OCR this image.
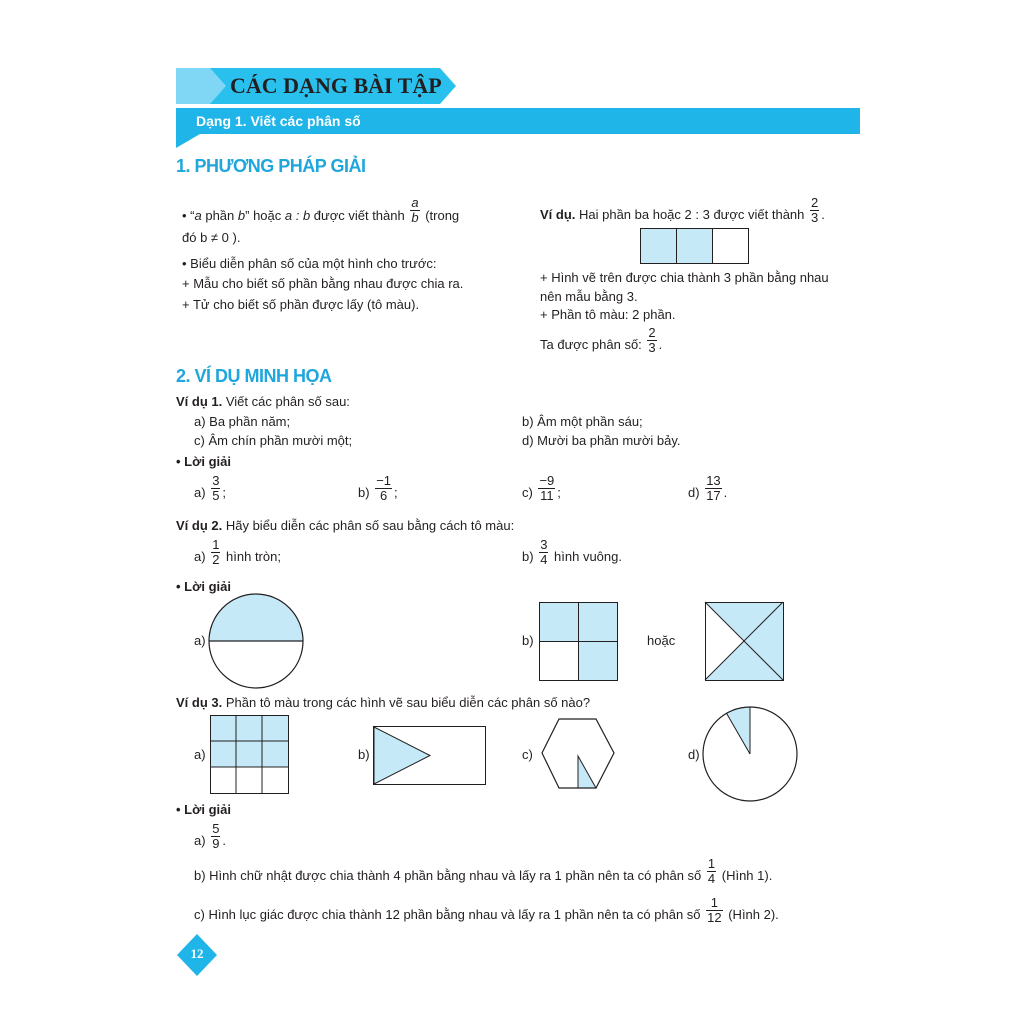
CÁC DẠNG BÀI TẬP
Dạng 1. Viết các phân số
1. PHƯƠNG PHÁP GIẢI
• “a phần b” hoặc a : b được viết thành $\frac{a}{b}$ (trong
đó b ≠ 0 ).
• Biểu diễn phân số của một hình cho trước:
+ Mẫu cho biết số phần bằng nhau được chia ra.
+ Tử cho biết số phần được lấy (tô màu).
Ví dụ. Hai phần ba hoặc 2 : 3 được viết thành $\frac{2}{3}$ .
+ Hình vẽ trên được chia thành 3 phần bằng nhau
nên mẫu bằng 3.
+ Phần tô màu: 2 phần.
Ta được phân số: $\frac{2}{3}$ .
2. VÍ DỤ MINH HỌA
Ví dụ 1. Viết các phân số sau:
a) Ba phần năm;	b) Âm một phần sáu;
c) Âm chín phần mười một;	d) Mười ba phần mười bảy.
• Lời giải
$a) \frac{3}{5}$ ;	$b) \frac{-1}{6}$ ;	$c) \frac{-9}{11}$ ;	$d) \frac{13}{17}$ .
Ví dụ 2. Hãy biểu diễn các phân số sau bằng cách tô màu:
$a) \frac{1}{2}$ hình tròn;	$b) \frac{3}{4}$ hình vuông.
• Lời giải
a)	b)	hoặc
Ví dụ 3. Phần tô màu trong các hình vẽ sau biểu diễn các phân số nào?
a)	b)	c)	d)
• Lời giải
$a) \frac{5}{9}$ .
b) Hình chữ nhật được chia thành 4 phần bằng nhau và lấy ra 1 phần nên ta có phân số $\frac{1}{4}$ (Hình 1).
c) Hình lục giác được chia thành 12 phần bằng nhau và lấy ra 1 phần nên ta có phân số $\frac{1}{12}$ (Hình 2).
12
